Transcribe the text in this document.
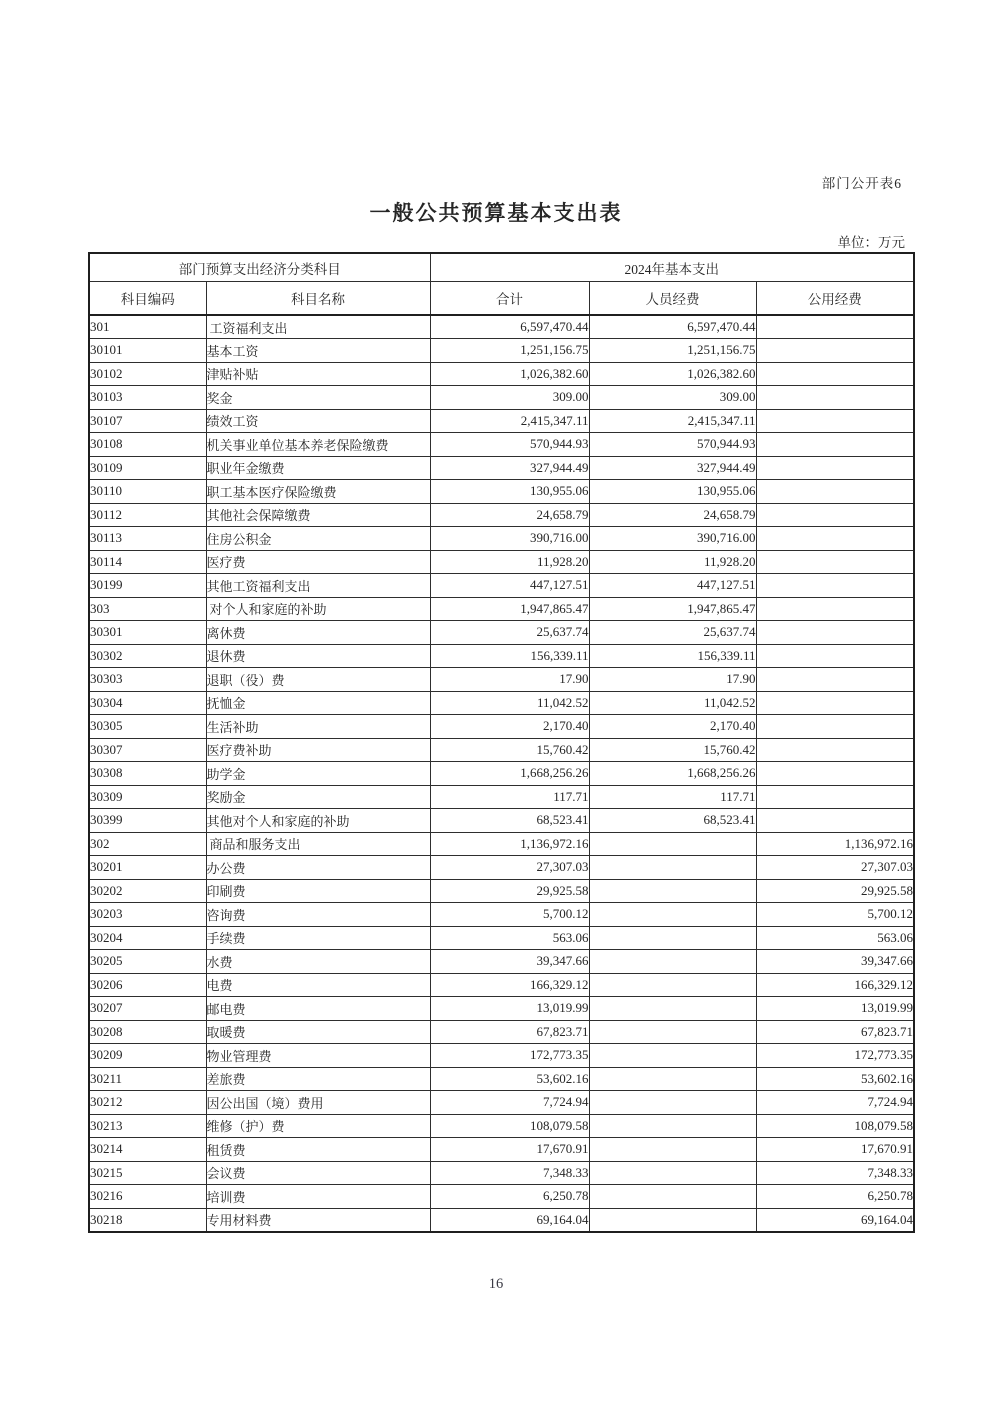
部门公开表6
一般公共预算基本支出表
单位：万元
部门预算支出经济分类科目		2024年基本支出		
科目编码	科目名称	合计	人员经费	公用经费
301	工资福利支出	6,597,470.44	6,597,470.44	
30101	基本工资	1,251,156.75	1,251,156.75	
30102	津贴补贴	1,026,382.60	1,026,382.60	
30103	奖金	309.00	309.00	
30107	绩效工资	2,415,347.11	2,415,347.11	
30108	机关事业单位基本养老保险缴费	570,944.93	570,944.93	
30109	职业年金缴费	327,944.49	327,944.49	
30110	职工基本医疗保险缴费	130,955.06	130,955.06	
30112	其他社会保障缴费	24,658.79	24,658.79	
30113	住房公积金	390,716.00	390,716.00	
30114	医疗费	11,928.20	11,928.20	
30199	其他工资福利支出	447,127.51	447,127.51	
303	对个人和家庭的补助	1,947,865.47	1,947,865.47	
30301	离休费	25,637.74	25,637.74	
30302	退休费	156,339.11	156,339.11	
30303	退职（役）费	17.90	17.90	
30304	抚恤金	11,042.52	11,042.52	
30305	生活补助	2,170.40	2,170.40	
30307	医疗费补助	15,760.42	15,760.42	
30308	助学金	1,668,256.26	1,668,256.26	
30309	奖励金	117.71	117.71	
30399	其他对个人和家庭的补助	68,523.41	68,523.41	
302	商品和服务支出	1,136,972.16		1,136,972.16
30201	办公费	27,307.03		27,307.03
30202	印刷费	29,925.58		29,925.58
30203	咨询费	5,700.12		5,700.12
30204	手续费	563.06		563.06
30205	水费	39,347.66		39,347.66
30206	电费	166,329.12		166,329.12
30207	邮电费	13,019.99		13,019.99
30208	取暖费	67,823.71		67,823.71
30209	物业管理费	172,773.35		172,773.35
30211	差旅费	53,602.16		53,602.16
30212	因公出国（境）费用	7,724.94		7,724.94
30213	维修（护）费	108,079.58		108,079.58
30214	租赁费	17,670.91		17,670.91
30215	会议费	7,348.33		7,348.33
30216	培训费	6,250.78		6,250.78
30218	专用材料费	69,164.04		69,164.04
16
